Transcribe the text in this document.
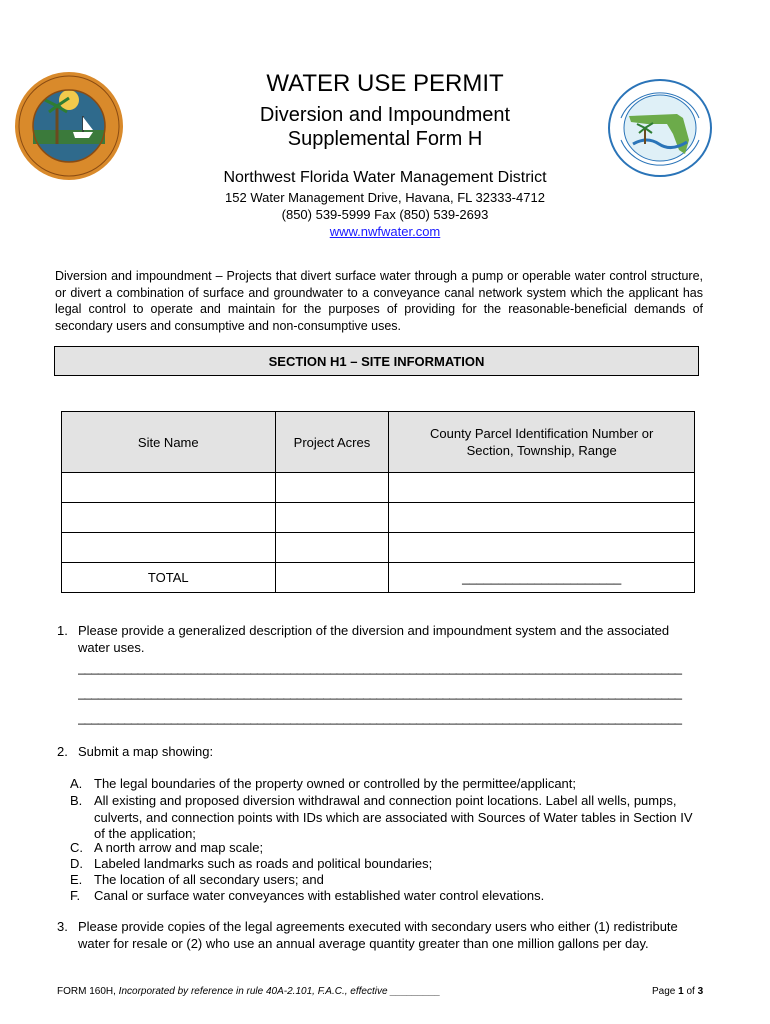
WATER USE PERMIT
Diversion and Impoundment
Supplemental Form H
Northwest Florida Water Management District
152 Water Management Drive, Havana, FL 32333-4712
(850) 539-5999 Fax (850) 539-2693
www.nwfwater.com
Diversion and impoundment – Projects that divert surface water through a pump or operable water control structure, or divert a combination of surface and groundwater to a conveyance canal network system which the applicant has legal control to operate and maintain for the purposes of providing for the reasonable-beneficial demands of secondary users and consumptive and non-consumptive uses.
SECTION H1 – SITE INFORMATION
Site Name	Project Acres	County Parcel Identification Number or Section, Township, Range

TOTAL		______________________
1. Please provide a generalized description of the diversion and impoundment system and the associated water uses.
___________________________________________________________________________________________
___________________________________________________________________________________________
___________________________________________________________________________________________
2. Submit a map showing:
A. The legal boundaries of the property owned or controlled by the permittee/applicant;
B. All existing and proposed diversion withdrawal and connection point locations. Label all wells, pumps, culverts, and connection points with IDs which are associated with Sources of Water tables in Section IV of the application;
C. A north arrow and map scale;
D. Labeled landmarks such as roads and political boundaries;
E. The location of all secondary users; and
F. Canal or surface water conveyances with established water control elevations.
3. Please provide copies of the legal agreements executed with secondary users who either (1) redistribute water for resale or (2) who use an annual average quantity greater than one million gallons per day.
FORM 160H, Incorporated by reference in rule 40A-2.101, F.A.C., effective _________	Page 1 of 3
